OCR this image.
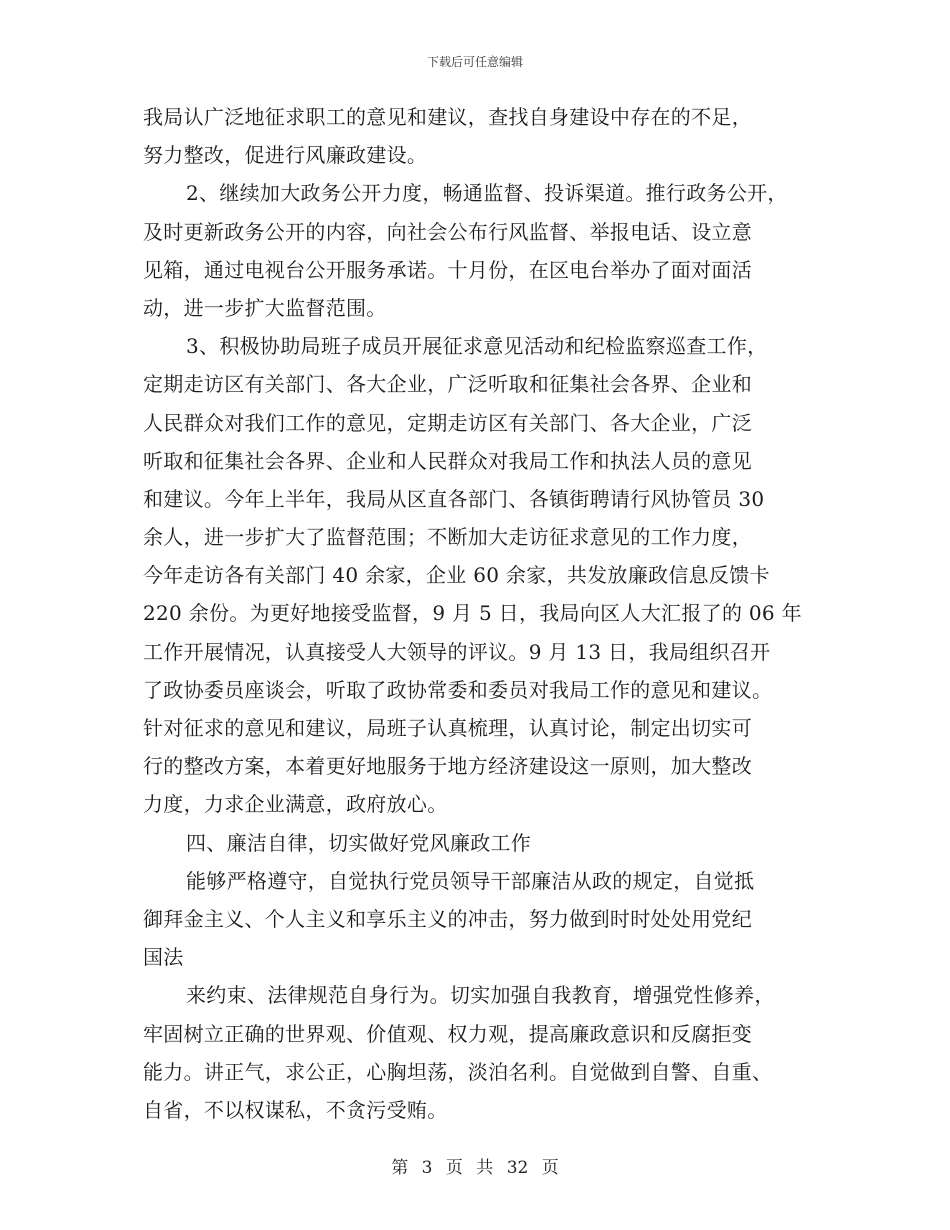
下载后可任意编辑
我局认广泛地征求职工的意见和建议，查找自身建设中存在的不足，
努力整改，促进行风廉政建设。
2、继续加大政务公开力度，畅通监督、投诉渠道。推行政务公开，
及时更新政务公开的内容，向社会公布行风监督、举报电话、设立意
见箱，通过电视台公开服务承诺。十月份，在区电台举办了面对面活
动，进一步扩大监督范围。
3、积极协助局班子成员开展征求意见活动和纪检监察巡查工作，
定期走访区有关部门、各大企业，广泛听取和征集社会各界、企业和
人民群众对我们工作的意见，定期走访区有关部门、各大企业，广泛
听取和征集社会各界、企业和人民群众对我局工作和执法人员的意见
和建议。今年上半年，我局从区直各部门、各镇街聘请行风协管员 30
余人，进一步扩大了监督范围；不断加大走访征求意见的工作力度，
今年走访各有关部门 40 余家，企业 60 余家，共发放廉政信息反馈卡
220 余份。为更好地接受监督，9 月 5 日，我局向区人大汇报了的 06 年
工作开展情况，认真接受人大领导的评议。9 月 13 日，我局组织召开
了政协委员座谈会，听取了政协常委和委员对我局工作的意见和建议。
针对征求的意见和建议，局班子认真梳理，认真讨论，制定出切实可
行的整改方案，本着更好地服务于地方经济建设这一原则，加大整改
力度，力求企业满意，政府放心。
四、廉洁自律，切实做好党风廉政工作
能够严格遵守，自觉执行党员领导干部廉洁从政的规定，自觉抵
御拜金主义、个人主义和享乐主义的冲击，努力做到时时处处用党纪
国法
来约束、法律规范自身行为。切实加强自我教育，增强党性修养，
牢固树立正确的世界观、价值观、权力观，提高廉政意识和反腐拒变
能力。讲正气，求公正，心胸坦荡，淡泊名利。自觉做到自警、自重、
自省，不以权谋私，不贪污受贿。
第 3 页 共 32 页
